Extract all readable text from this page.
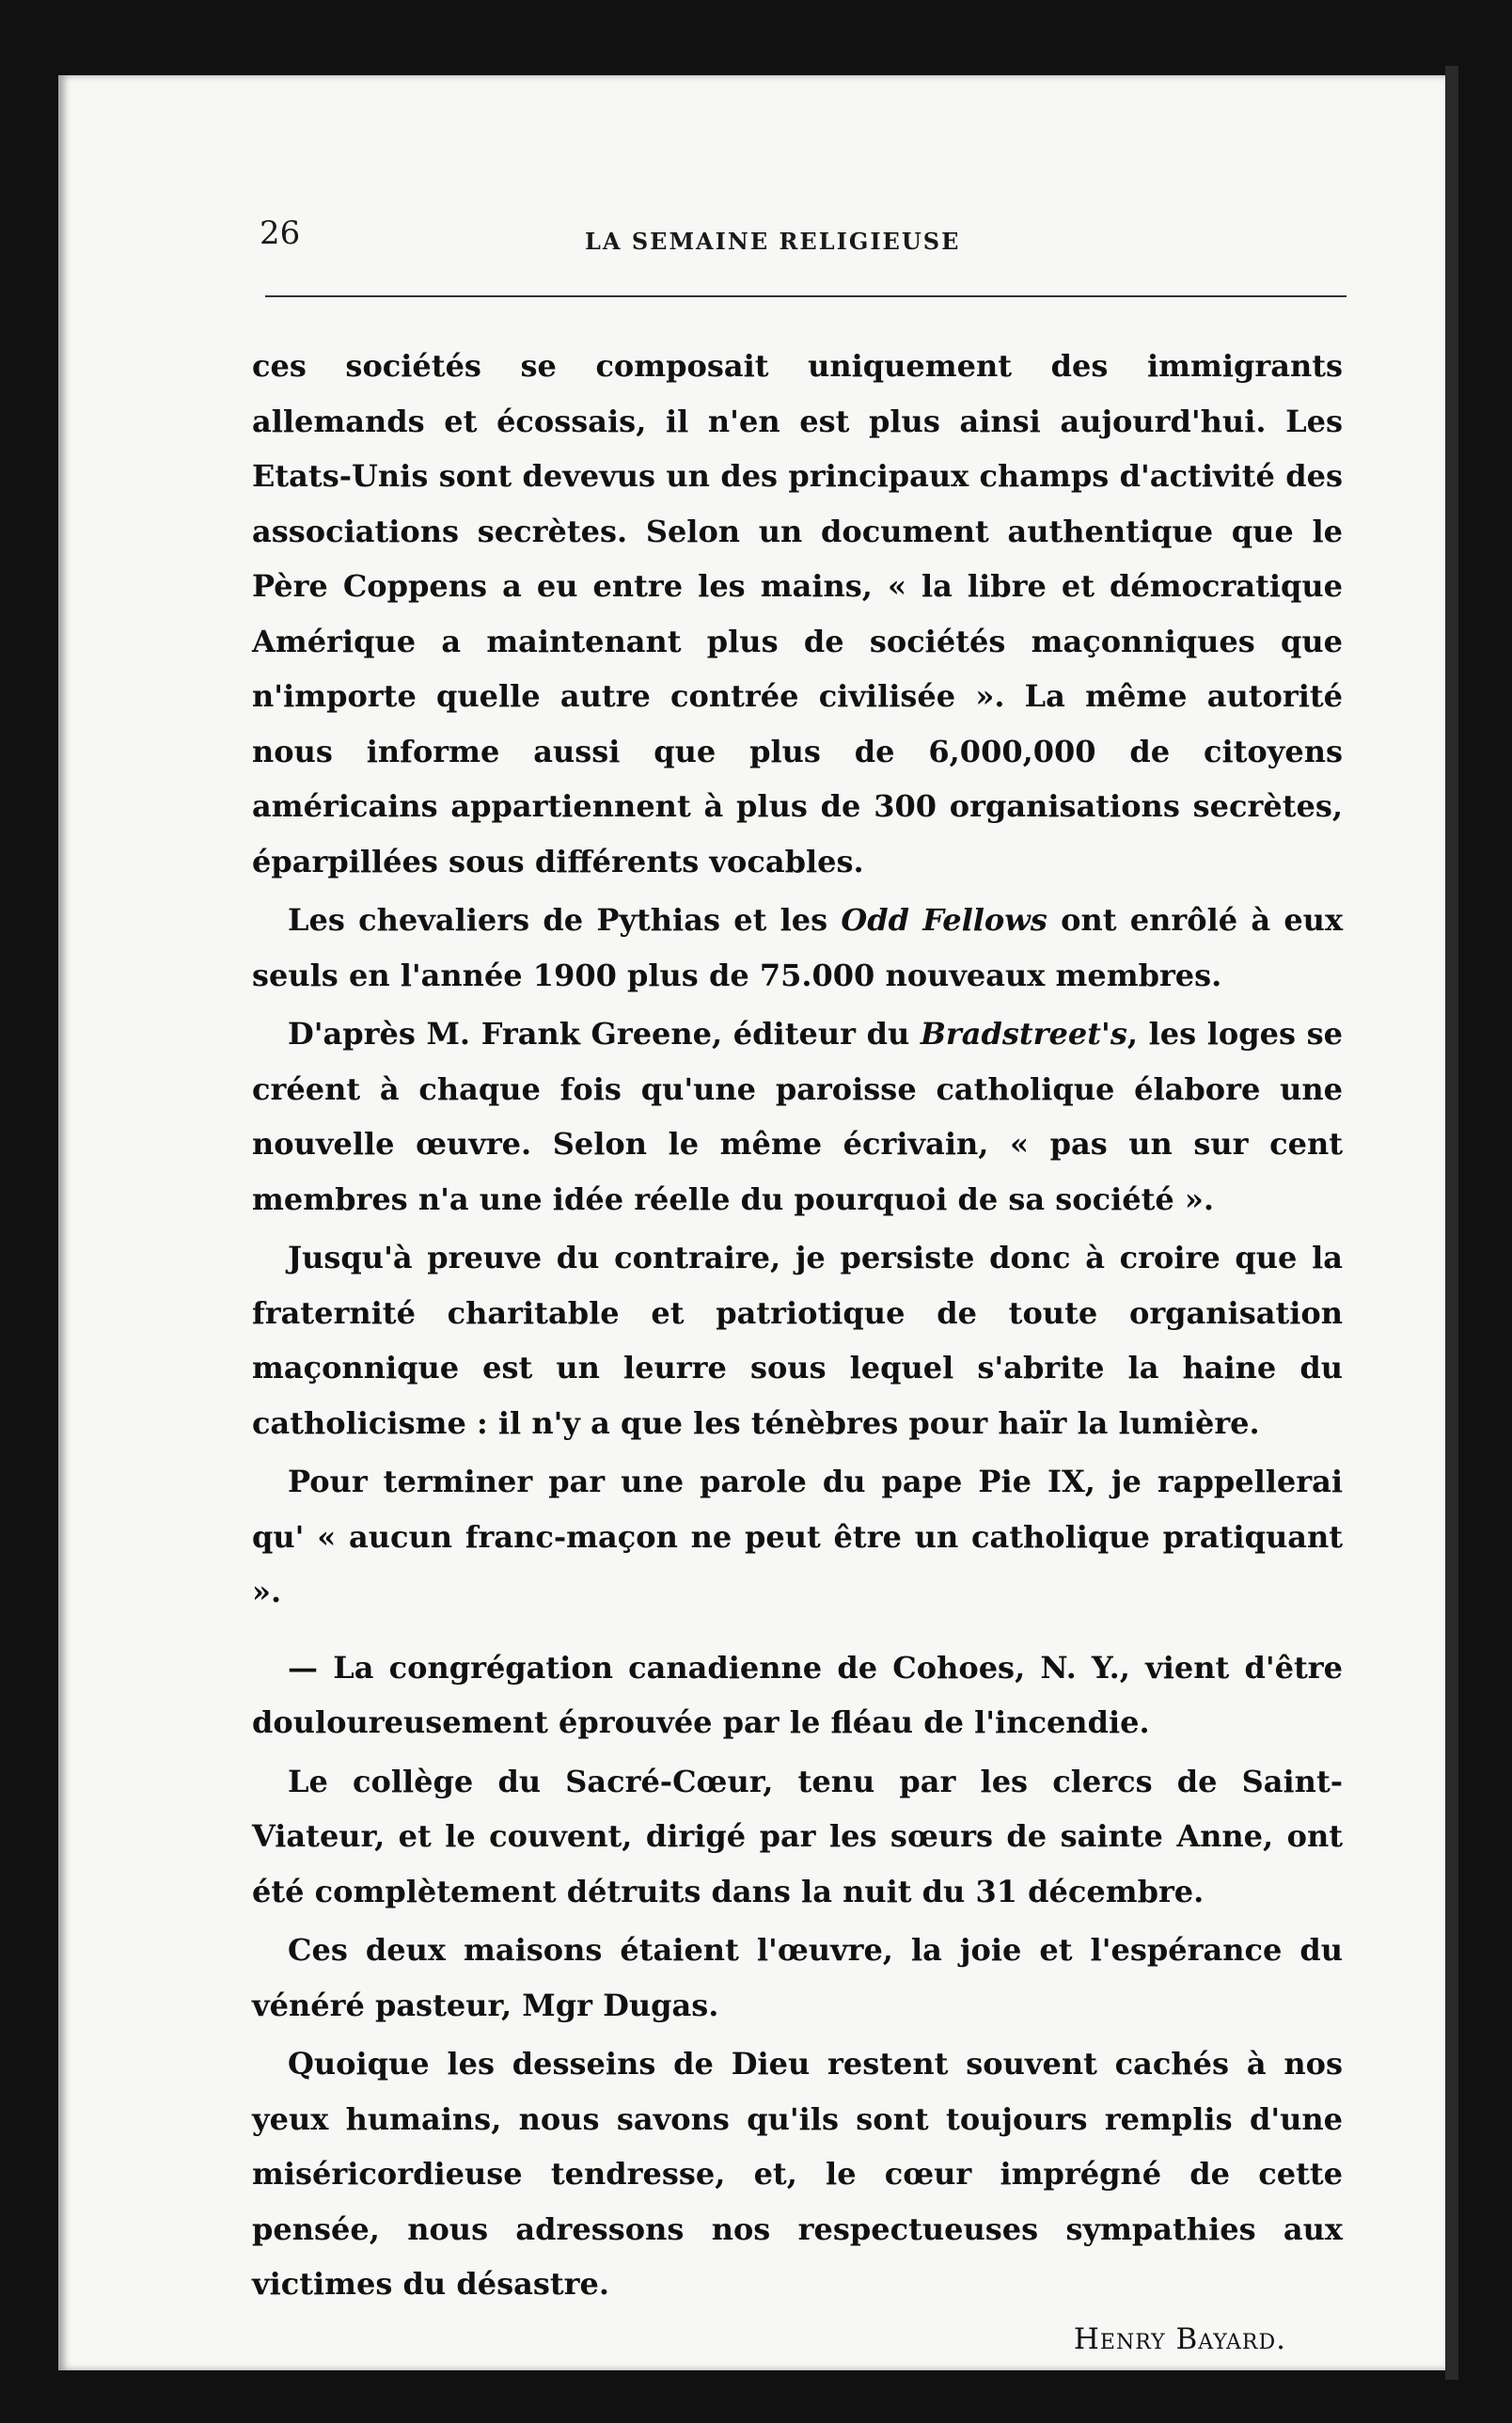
26	LA SEMAINE RELIGIEUSE

ces sociétés se composait uniquement des immigrants allemands et écossais, il n'en est plus ainsi aujourd'hui. Les Etats-Unis sont devevus un des principaux champs d'activité des associations secrètes. Selon un document authentique que le Père Coppens a eu entre les mains, « la libre et démocratique Amérique a maintenant plus de sociétés maçonniques que n'importe quelle autre contrée civilisée ». La même autorité nous informe aussi que plus de 6,000,000 de citoyens américains appartiennent à plus de 300 organisations secrètes, éparpillées sous différents vocables.

Les chevaliers de Pythias et les Odd Fellows ont enrôlé à eux seuls en l'année 1900 plus de 75.000 nouveaux membres.

D'après M. Frank Greene, éditeur du Bradstreet's, les loges se créent à chaque fois qu'une paroisse catholique élabore une nouvelle œuvre. Selon le même écrivain, « pas un sur cent membres n'a une idée réelle du pourquoi de sa société ».

Jusqu'à preuve du contraire, je persiste donc à croire que la fraternité charitable et patriotique de toute organisation maçonnique est un leurre sous lequel s'abrite la haine du catholicisme : il n'y a que les ténèbres pour haïr la lumière.

Pour terminer par une parole du pape Pie IX, je rappellerai qu' « aucun franc-maçon ne peut être un catholique pratiquant ».

— La congrégation canadienne de Cohoes, N. Y., vient d'être douloureusement éprouvée par le fléau de l'incendie.

Le collège du Sacré-Cœur, tenu par les clercs de Saint-Viateur, et le couvent, dirigé par les sœurs de sainte Anne, ont été complètement détruits dans la nuit du 31 décembre.

Ces deux maisons étaient l'œuvre, la joie et l'espérance du vénéré pasteur, Mgr Dugas.

Quoique les desseins de Dieu restent souvent cachés à nos yeux humains, nous savons qu'ils sont toujours remplis d'une miséricordieuse tendresse, et, le cœur imprégné de cette pensée, nous adressons nos respectueuses sympathies aux victimes du désastre.

Henry Bayard.
